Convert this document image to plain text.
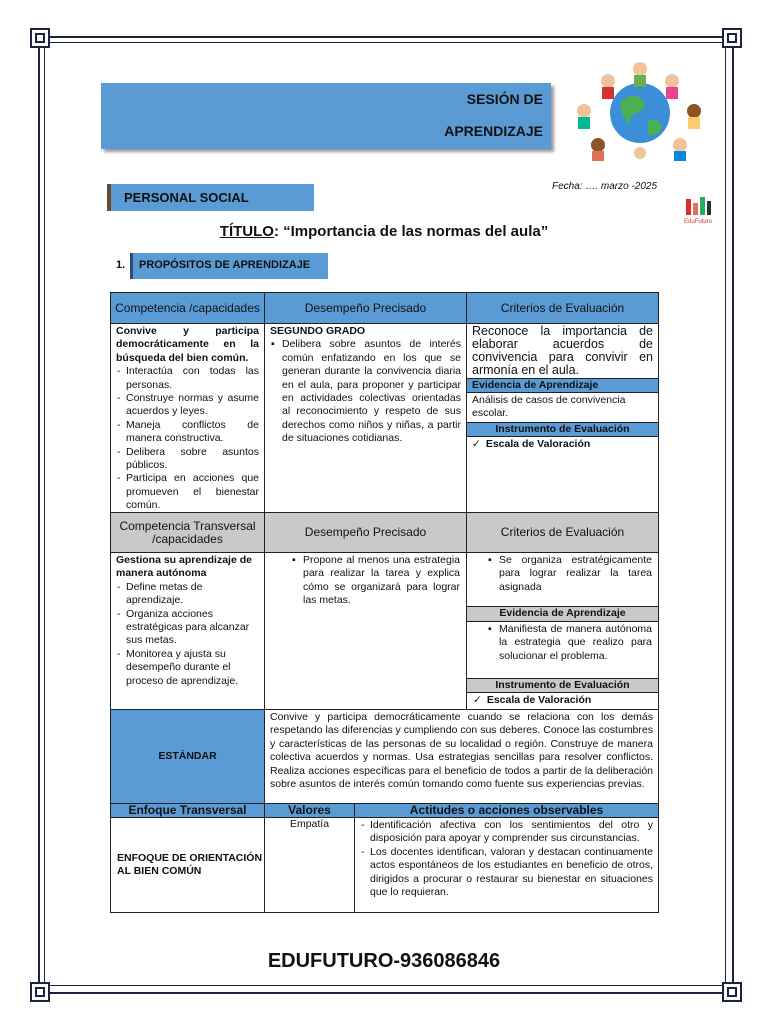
SESIÓN DE
APRENDIZAJE
Fecha: …. marzo -2025
EduFuturo
PERSONAL SOCIAL
TÍTULO: “Importancia de las normas del aula”
1. PROPÓSITOS DE APRENDIZAJE
Competencia /capacidades	Desempeño Precisado	Criterios de Evaluación
Convive y participa democráticamente en la búsqueda del bien común.
- Interactúa con todas las personas.
- Construye normas y asume acuerdos y leyes.
- Maneja conflictos de manera constructiva.
- Delibera sobre asuntos públicos.
- Participa en acciones que promueven el bienestar común.
SEGUNDO GRADO
▪ Delibera sobre asuntos de interés común enfatizando en los que se generan durante la convivencia diaria en el aula, para proponer y participar en actividades colectivas orientadas al reconocimiento y respeto de sus derechos como niños y niñas, a partir de situaciones cotidianas.
Reconoce la importancia de elaborar acuerdos de convivencia para convivir en armonía en el aula.
Evidencia de Aprendizaje
Análisis de casos de convivencia escolar.
Instrumento de Evaluación
✓ Escala de Valoración
Competencia Transversal /capacidades	Desempeño Precisado	Criterios de Evaluación
Gestiona su aprendizaje de manera autónoma
- Define metas de aprendizaje.
- Organiza acciones estratégicas para alcanzar sus metas.
- Monitorea y ajusta su desempeño durante el proceso de aprendizaje.
▪ Propone al menos una estrategia para realizar la tarea y explica cómo se organizará para lograr las metas.
▪ Se organiza estratégicamente para lograr realizar la tarea asignada
Evidencia de Aprendizaje
▪ Manifiesta de manera autónoma la estrategia que realizo para solucionar el problema.
Instrumento de Evaluación
✓ Escala de Valoración
ESTÁNDAR
Convive y participa democráticamente cuando se relaciona con los demás respetando las diferencias y cumpliendo con sus deberes. Conoce las costumbres y características de las personas de su localidad o región. Construye de manera colectiva acuerdos y normas. Usa estrategias sencillas para resolver conflictos. Realiza acciones específicas para el beneficio de todos a partir de la deliberación sobre asuntos de interés común tomando como fuente sus experiencias previas.
Enfoque Transversal	Valores	Actitudes o acciones observables
ENFOQUE DE ORIENTACIÓN AL BIEN COMÚN
Empatía
-	Identificación afectiva con los sentimientos del otro y disposición para apoyar y comprender sus circunstancias.
- Los docentes identifican, valoran y destacan continuamente actos espontáneos de los estudiantes en beneficio de otros, dirigidos a procurar o restaurar su bienestar en situaciones que lo requieran.
EDUFUTURO-936086846
